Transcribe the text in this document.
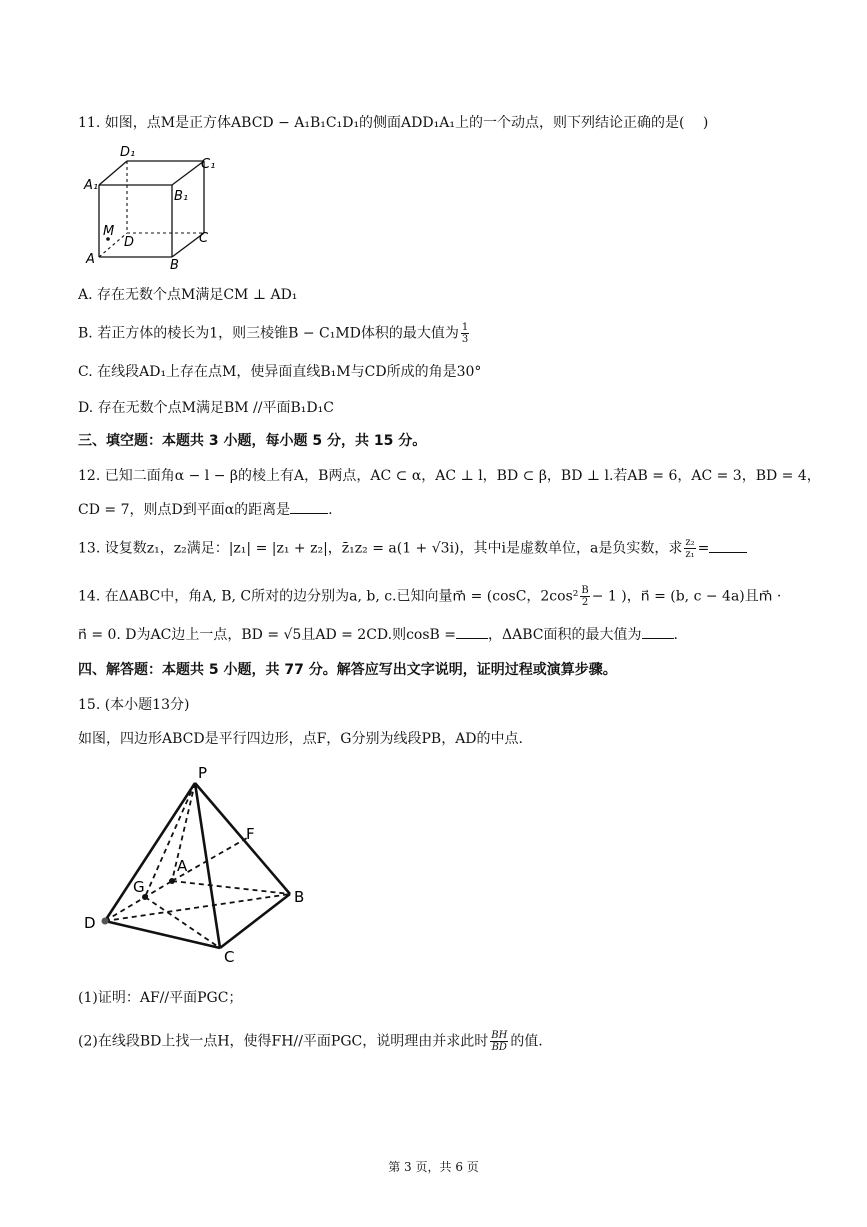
11. 如图，点M是正方体ABCD − A₁B₁C₁D₁的侧面ADD₁A₁上的一个动点，则下列结论正确的是(　 )
D₁
C₁
A₁
B₁
M
D	C
A	B
A. 存在无数个点M满足CM ⊥ AD₁
B. 若正方体的棱长为1，则三棱锥B − C₁MD体积的最大值为 $\frac{1}{3}$
C. 在线段AD₁上存在点M，使异面直线B₁M与CD所成的角是30°
D. 存在无数个点M满足BM //平面B₁D₁C
三、填空题：本题共 3 小题，每小题 5 分，共 15 分。
12. 已知二面角α − l − β的棱上有A，B两点，AC ⊂ α，AC ⊥ l，BD ⊂ β，BD ⊥ l.若AB = 6，AC = 3，BD = 4，
CD = 7，则点D到平面α的距离是	.
13. 设复数z₁，z₂满足：|z₁| = |z₁ + z₂|，z̄₁z₂ = a(1 + √3i)，其中i是虚数单位，a是负实数，求 $\frac{\text{z₂}}{\text{z₁}}$ =
14. 在ΔABC中，角A, B, C所对的边分别为a, b, c.已知向量m⃗ = (cosC，$2\cos^2 \frac{B}{2} - 1$ )，n⃗ = (b, c − 4a)且m⃗ ·
n⃗ = 0. D为AC边上一点，BD = √5且AD = 2CD.则cosB = ，ΔABC面积的最大值为 .
四、解答题：本题共 5 小题，共 77 分。解答应写出文字说明，证明过程或演算步骤。
15. (本小题13分)
如图，四边形ABCD是平行四边形，点F，G分别为线段PB，AD的中点.
P
F
A
G
B
D
C
(1)证明：AF//平面PGC；
(2)在线段BD上找一点H，使得FH//平面PGC，说明理由并求此时 $\frac{BH}{BD}$ 的值.
第 3 页，共 6 页
